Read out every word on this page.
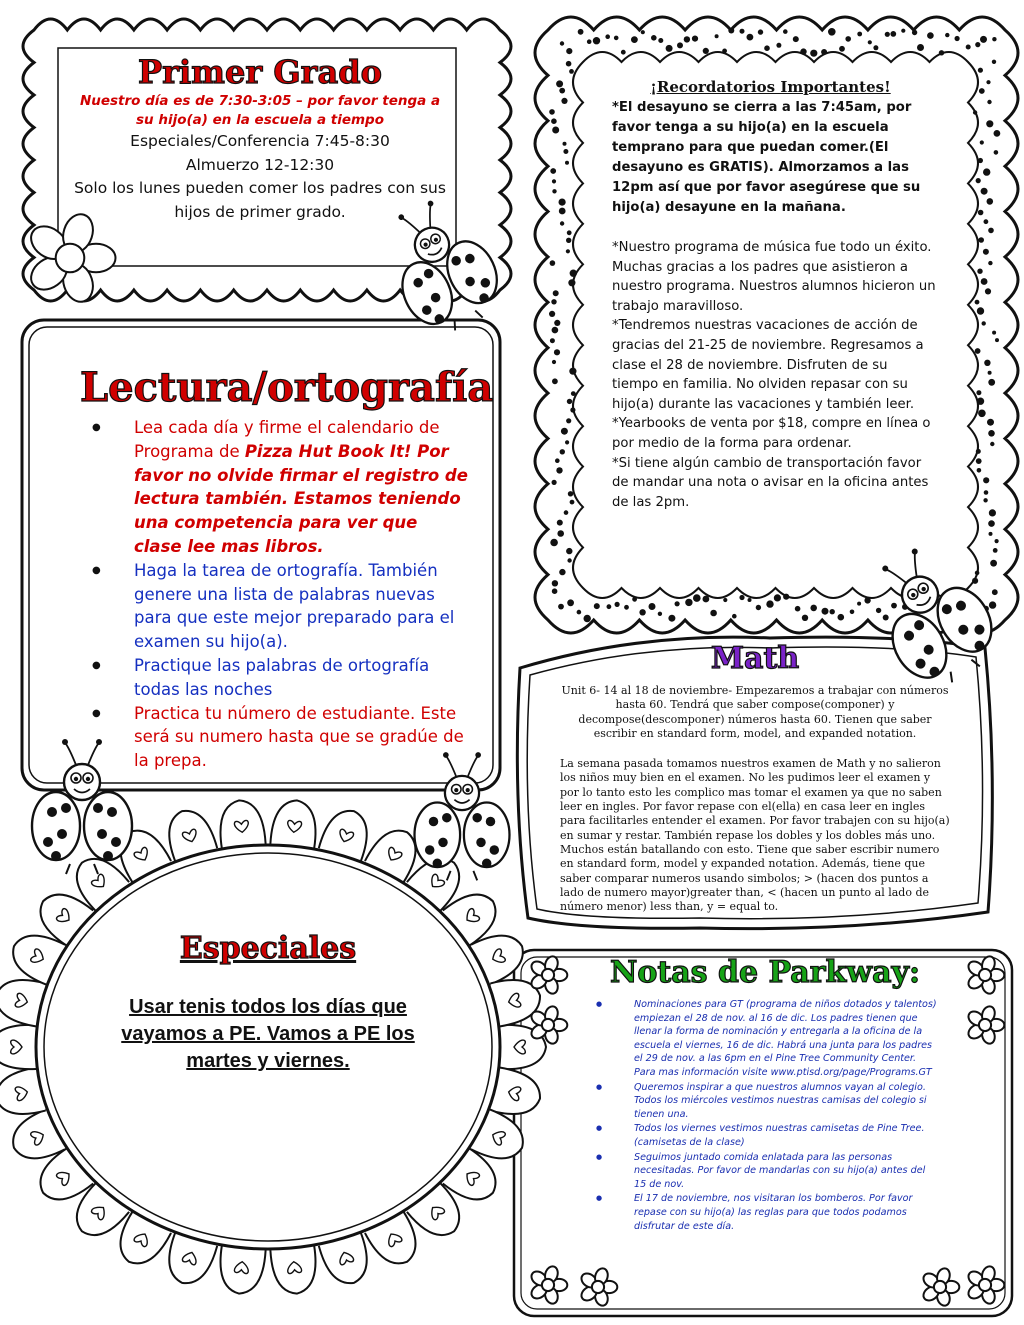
Primer Grado
Nuestro día es de 7:30-3:05 – por favor tenga a su hijo(a) en la escuela a tiempo
Especiales/Conferencia 7:45-8:30
Almuerzo 12-12:30
Solo los lunes pueden comer los padres con sus hijos de primer grado.
¡Recordatorios Importantes!
*El desayuno se cierra a las 7:45am, por favor tenga a su hijo(a) en la escuela temprano para que puedan comer.(El desayuno es GRATIS). Almorzamos a las 12pm así que por favor asegúrese que su hijo(a) desayune en la mañana.

*Nuestro programa de música fue todo un éxito. Muchas gracias a los padres que asistieron a nuestro programa. Nuestros alumnos hicieron un trabajo maravilloso.

*Tendremos nuestras vacaciones de acción de gracias del 21-25 de noviembre. Regresamos a clase el 28 de noviembre. Disfruten de su tiempo en familia. No olviden repasar con su hijo(a) durante las vacaciones y también leer.

*Yearbooks de venta por $18, compre en línea o por medio de la forma para ordenar.

*Si tiene algún cambio de transportación favor de mandar una nota o avisar en la oficina antes de las 2pm.

Lectura/ortografía
● Lea cada día y firme el calendario de Programa de Pizza Hut Book It! Por favor no olvide firmar el registro de lectura también. Estamos teniendo una competencia para ver que clase lee mas libros.
● Haga la tarea de ortografía. También genere una lista de palabras nuevas para que este mejor preparado para el examen su hijo(a).
● Practique las palabras de ortografía todas las noches
● Practica tu número de estudiante. Este será su numero hasta que se gradúe de la prepa.
Math

Unit 6- 14 al 18 de noviembre- Empezaremos a trabajar con números hasta 60. Tendrá que saber compose(componer) y decompose(descomponer) números hasta 60. Tienen que saber escribir en standard form, model, and expanded notation.

La semana pasada tomamos nuestros examen de Math y no salieron los niños muy bien en el examen. No les pudimos leer el examen y por lo tanto esto les complico mas tomar el examen ya que no saben leer en ingles. Por favor repase con el(ella) en casa leer en ingles para facilitarles entender el examen. Por favor trabajen con su hijo(a) en sumar y restar. También repase los dobles y los dobles más uno. Muchos están batallando con esto. Tiene que saber escribir numero en standard form, model y expanded notation. Además, tiene que saber comparar numeros usando simbolos; > (hacen dos puntos a lado de numero mayor)greater than, < (hacen un punto al lado de número menor) less than, y = equal to.

Especiales
Usar tenis todos los días que vayamos a PE. Vamos a PE los martes y viernes.
Notas de Parkway:
● Nominaciones para GT (programa de niños dotados y talentos) empiezan el 28 de nov. al 16 de dic. Los padres tienen que llenar la forma de nominación y entregarla a la oficina de la escuela el viernes, 16 de dic. Habrá una junta para los padres el 29 de nov. a las 6pm en el Pine Tree Community Center. Para mas información visite www.ptisd.org/page/Programs.GT
● Queremos inspirar a que nuestros alumnos vayan al colegio. Todos los miércoles vestimos nuestras camisas del colegio si tienen una.
● Todos los viernes vestimos nuestras camisetas de Pine Tree. (camisetas de la clase)
● Seguimos juntado comida enlatada para las personas necesitadas. Por favor de mandarlas con su hijo(a) antes del 15 de nov.
● El 17 de noviembre, nos visitaran los bomberos. Por favor repase con su hijo(a) las reglas para que todos podamos disfrutar de este día.
